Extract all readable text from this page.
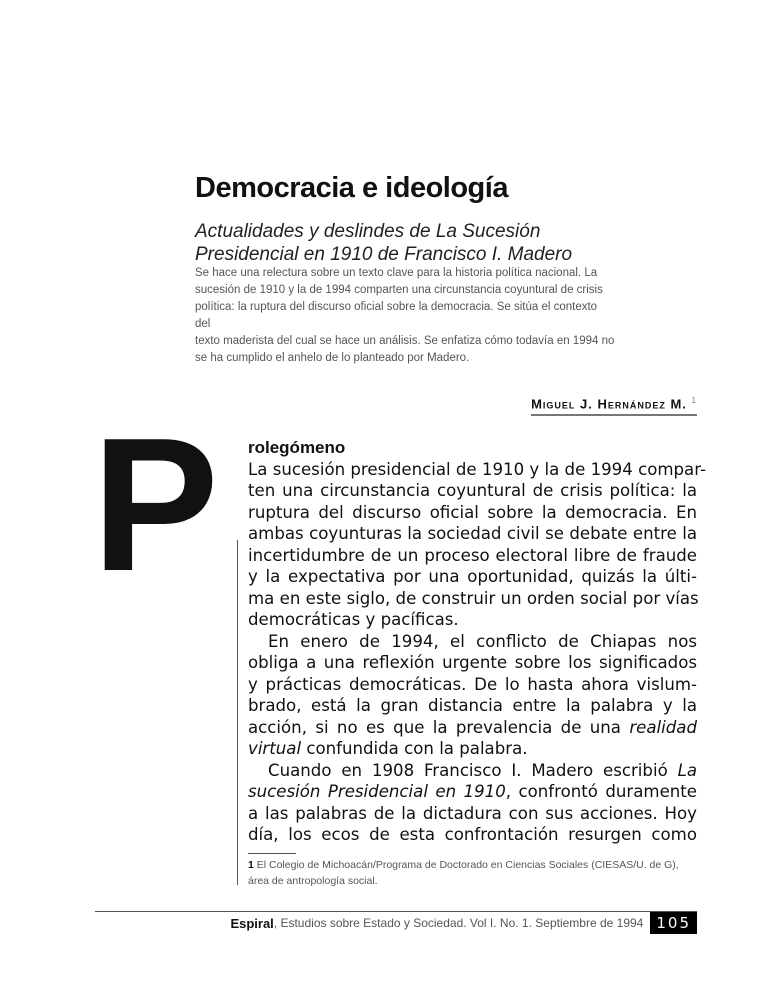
Democracia e ideología
Actualidades y deslindes de La Sucesión
Presidencial en 1910 de Francisco I. Madero
Se hace una relectura sobre un texto clave para la historia política nacional. La
sucesión de 1910 y la de 1994 comparten una circunstancia coyuntural de crisis
política: la ruptura del discurso oficial sobre la democracia. Se sitúa el contexto del
texto maderista del cual se hace un análisis. Se enfatiza cómo todavía en 1994 no
se ha cumplido el anhelo de lo planteado por Madero.
Miguel J. Hernández M. $^1$
P rolegómeno
La sucesión presidencial de 1910 y la de 1994 compar-
ten una circunstancia coyuntural de crisis política: la
ruptura del discurso oficial sobre la democracia. En
ambas coyunturas la sociedad civil se debate entre la
incertidumbre de un proceso electoral libre de fraude
y la expectativa por una oportunidad, quizás la últi-
ma en este siglo, de construir un orden social por vías
democráticas y pacíficas.
En enero de 1994, el conflicto de Chiapas nos
obliga a una reflexión urgente sobre los significados
y prácticas democráticas. De lo hasta ahora vislum-
brado, está la gran distancia entre la palabra y la
acción, si no es que la prevalencia de una realidad
virtual confundida con la palabra.
Cuando en 1908 Francisco I. Madero escribió La
sucesión Presidencial en 1910, confrontó duramente
a las palabras de la dictadura con sus acciones. Hoy
día, los ecos de esta confrontación resurgen como
1 El Colegio de Michoacán/Programa de Doctorado en Ciencias Sociales (CIESAS/U. de G),
área de antropología social.
Espiral , Estudios sobre Estado y Sociedad. Vol I. No. 1. Septiembre de 1994 105
